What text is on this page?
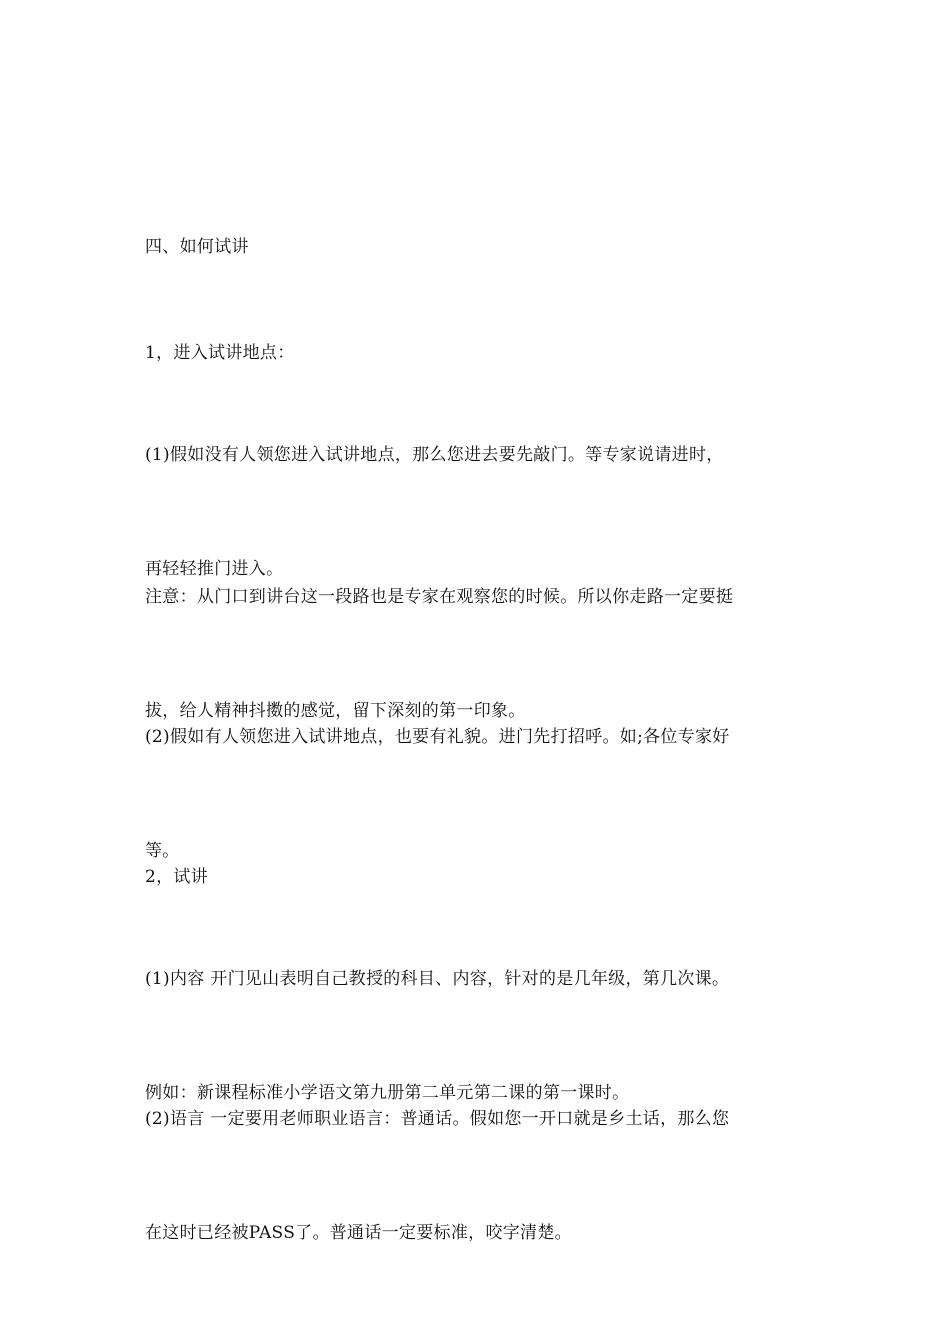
四、如何试讲

1，进入试讲地点：

(1)假如没有人领您进入试讲地点，那么您进去要先敲门。等专家说请进时，

再轻轻推门进入。

注意：从门口到讲台这一段路也是专家在观察您的时候。所以你走路一定要挺

拔，给人精神抖擞的感觉，留下深刻的第一印象。

(2)假如有人领您进入试讲地点，也要有礼貌。进门先打招呼。如;各位专家好

等。

2，试讲

(1)内容 开门见山表明自己教授的科目、内容，针对的是几年级，第几次课。

例如：新课程标准小学语文第九册第二单元第二课的第一课时。

(2)语言 一定要用老师职业语言：普通话。假如您一开口就是乡土话，那么您

在这时已经被PASS了。普通话一定要标准，咬字清楚。
